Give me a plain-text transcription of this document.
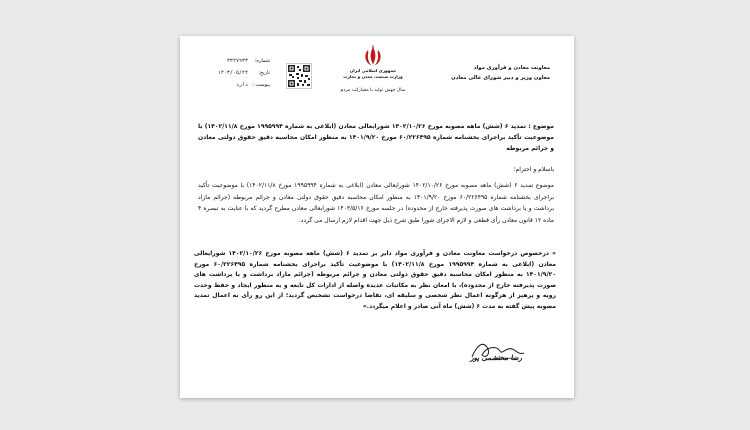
معاونت معادن و فرآوری مواد
معاون وزیر و دبیر شورای عالی معادن
جمهوری اسلامی ایران
وزارت صنعت، معدن و تجارت
سال جهش تولید با مشارکت مردم
شماره:
۳۳۲۷۹۳۳
تاریخ:
۱۴۰۳/۰۵/۲۴
پیوست :
دارد
موضوع : تمدید ۶ (شش) ماهه مصوبه مورخ ۱۴۰۲/۱۰/۲۶ شورایعالی معادن (ابلاغی به شماره ۱۹۹۵۹۹۴ مورخ ۱۴۰۲/۱۱/۸) با موضوعیت تأکید براجرای بخشنامه شماره ۶۰/۲۲۶۴۹۵ مورخ ۱۴۰۱/۹/۲۰ به منظور امکان محاسبه دقیق حقوق دولتی معادن و جرائم مربوطه
باسلام و احترام؛
موضوع تمدید ۶ (شش) ماهه مصوبه مورخ ۱۴۰۲/۱۰/۲۶ شورایعالی معادن (ابلاغی به شماره ۱۹۹۵۹۹۴ مورخ ۱۴۰۲/۱۱/۸) با موضوعیت تأکید براجرای بخشنامه شماره ۶۰/۲۲۶۴۹۵ مورخ ۱۴۰۱/۹/۲۰ به منظور امکان محاسبه دقیق حقوق دولتی معادن و جرائم مربوطه (جرائم مازاد برداشت و یا برداشت های صورت پذیرفته خارج از محدوده) در جلسه مورخ ۱۴۰۳/۵/۱۶ شورایعالی معادن مطرح گردید که با عنایت به تبصره ۴ ماده ۱۲ قانون معادن رأی قطعی و لازم الاجرای شورا طبق شرح ذیل جهت اقدام لازم ارسال می گردد.
« درخصوص درخواست معاونت معادن و فرآوری مواد دایر بر تمدید ۶ (شش) ماهه مصوبه مورخ ۱۴۰۲/۱۰/۲۶ شورایعالی معادن (ابلاغی به شماره ۱۹۹۵۹۹۴ مورخ ۱۴۰۲/۱۱/۸) با موضوعیت تأکید براجرای بخشنامه شماره ۶۰/۲۲۶۴۹۵ مورخ ۱۴۰۱/۹/۲۰ به منظور امکان محاسبه دقیق حقوق دولتی معادن و جرائم مربوطه (جرائم مازاد برداشت و یا برداشت های صورت پذیرفته خارج از محدوده)، با امعان نظر به مکاتبات عدیده واصله از ادارات کل تابعه و به منظور ایجاد و حفظ وحدت رویه و پرهیز از هرگونه اعمال نظر شخصی و سلیقه ای، تقاضا درخواست تشخیص گردید؛ از این رو رأی به اعمال تمدید مصوبه پیش گفته به مدت ۶ (شش) ماه آتی صادر و اعلام میگردد.»
رضا محتشمی پور
